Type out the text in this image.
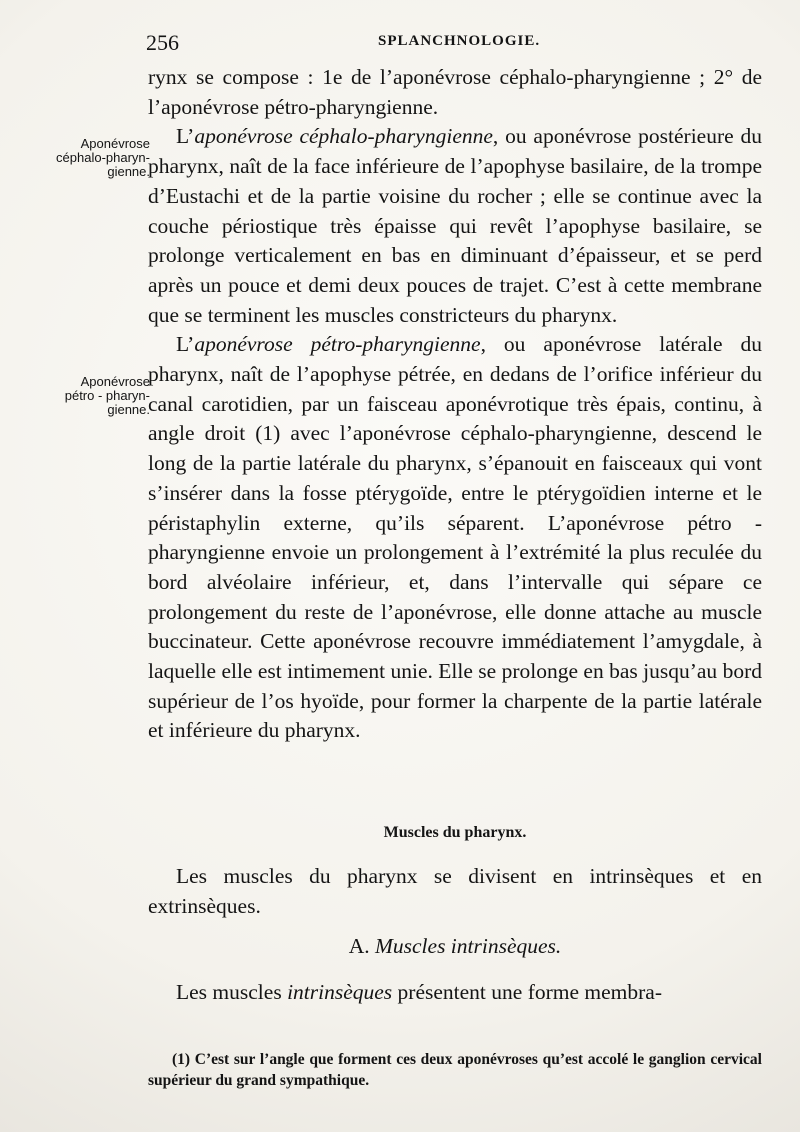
256	SPLANCHNOLOGIE.
Aponévrose
céphalo-pharyn-
gienne.
Aponévrose
pétro - pharyn-
gienne.

rynx se compose : 1e de l’aponévrose céphalo-pharyngienne ; 2° de l’aponévrose pétro-pharyngienne.

L’aponévrose céphalo-pharyngienne, ou aponévrose postérieure du pharynx, naît de la face inférieure de l’apophyse basilaire, de la trompe d’Eustachi et de la partie voisine du rocher ; elle se continue avec la couche périostique très épaisse qui revêt l’apophyse basilaire, se prolonge verticalement en bas en diminuant d’épaisseur, et se perd après un pouce et demi deux pouces de trajet. C’est à cette membrane que se terminent les muscles constricteurs du pharynx.

L’aponévrose pétro-pharyngienne, ou aponévrose latérale du pharynx, naît de l’apophyse pétrée, en dedans de l’orifice inférieur du canal carotidien, par un faisceau aponévrotique très épais, continu, à angle droit (1) avec l’aponévrose céphalo-pharyngienne, descend le long de la partie latérale du pharynx, s’épanouit en faisceaux qui vont s’insérer dans la fosse ptérygoïde, entre le ptérygoïdien interne et le péristaphylin externe, qu’ils séparent. L’aponévrose pétro - pharyngienne envoie un prolongement à l’extrémité la plus reculée du bord alvéolaire inférieur, et, dans l’intervalle qui sépare ce prolongement du reste de l’aponévrose, elle donne attache au muscle buccinateur. Cette aponévrose recouvre immédiatement l’amygdale, à laquelle elle est intimement unie. Elle se prolonge en bas jusqu’au bord supérieur de l’os hyoïde, pour former la charpente de la partie latérale et inférieure du pharynx.

Muscles du pharynx.

Les muscles du pharynx se divisent en intrinsèques et en extrinsèques.

A. Muscles intrinsèques.

Les muscles intrinsèques présentent une forme membra-

(1) C’est sur l’angle que forment ces deux aponévroses qu’est accolé le ganglion cervical supérieur du grand sympathique.
